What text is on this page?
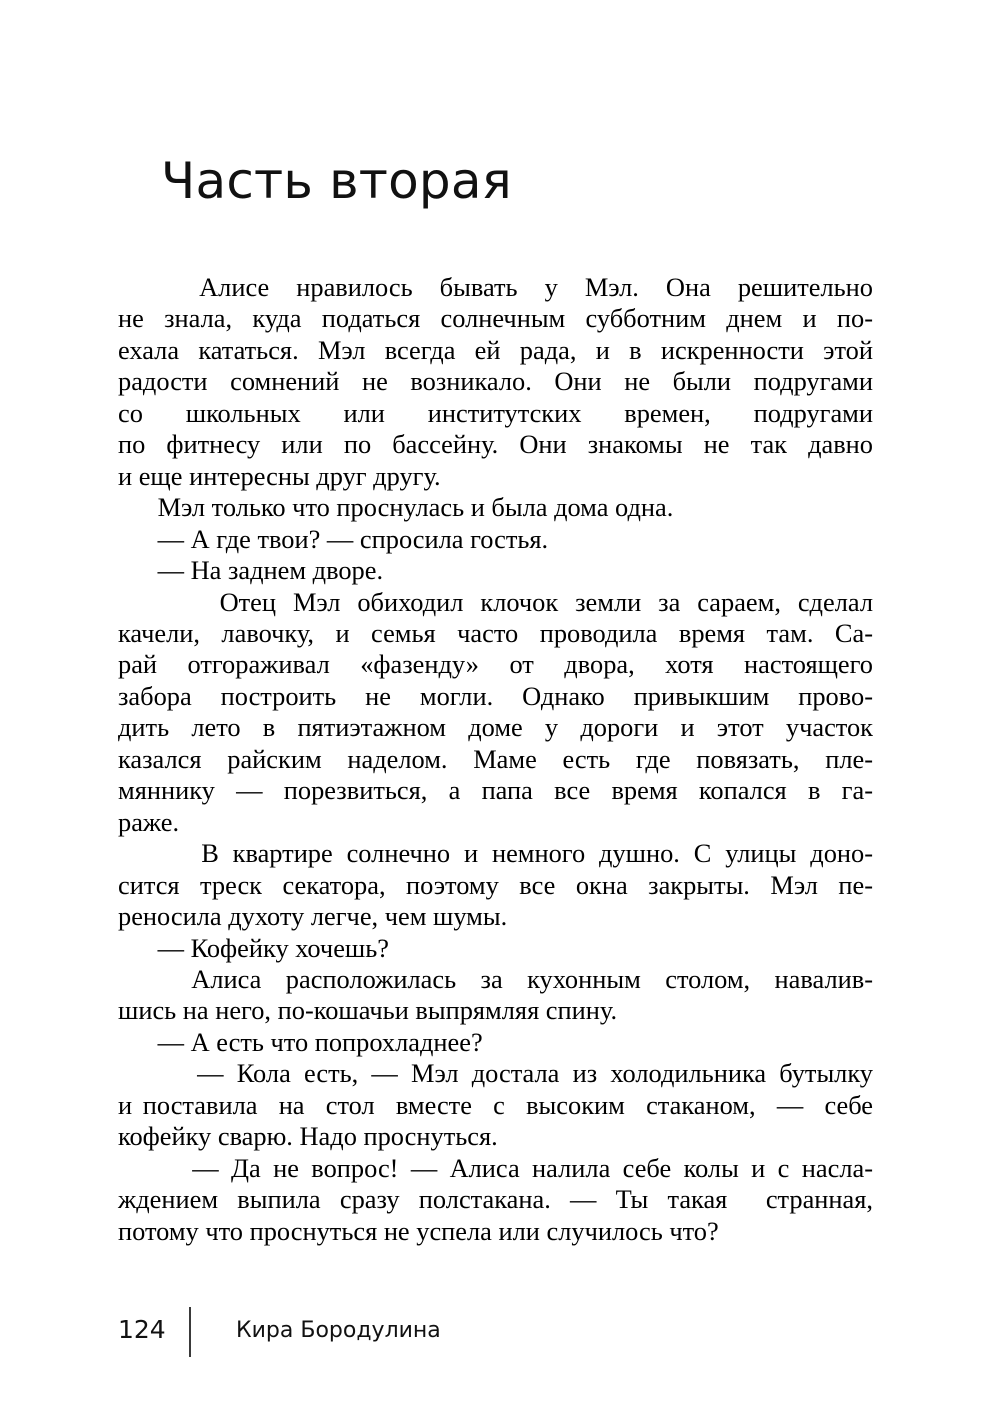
Часть вторая

Алисе  нравилось  бывать  у  Мэл.  Она  решительно
не знала, куда податься солнечным субботним днем и по-
ехала кататься. Мэл всегда ей рада, и в искренности этой
радости сомнений не возникало. Они не были подругами
со   школьных   или   институтских   времен,   подругами
по фитнесу или по бассейну. Они знакомы не так давно
и еще интересны друг другу.

Мэл только что проснулась и была дома одна.

— А где твои? — спросила гостья.

— На заднем дворе.

Отец Мэл обиходил клочок земли за сараем, сделал
качели, лавочку, и семья часто проводила время там. Са-
рай  отгораживал  «фазенду»  от  двора,  хотя  настоящего
забора построить не могли. Однако привыкшим прово-
дить  лето  в  пятиэтажном  доме  у  дороги  и  этот  участок
казался  райским  наделом.  Маме  есть  где  повязать,  пле-
мяннику  —  порезвиться,  а  папа  все  время  копался  в  га-
раже.

В квартире солнечно и немного душно. С улицы доно-
сится  треск  секатора,  поэтому  все  окна  закрыты.  Мэл  пе-
реносила духоту легче, чем шумы.

— Кофейку хочешь?

Алиса  расположилась  за  кухонным  столом,  навалив-
шись на него, по-кошачьи выпрямляя спину.

— А есть что попрохладнее?

— Кола есть, — Мэл достала из холодильника бутылку
и поставила  на  стол  вместе  с  высоким  стаканом,  —  себе
кофейку сварю. Надо проснуться.

— Да не вопрос! — Алиса налила себе колы и с насла-
ждением выпила сразу полстакана. — Ты такая  странная,
потому что проснуться не успела или случилось что?

124	Кира Бородулина
